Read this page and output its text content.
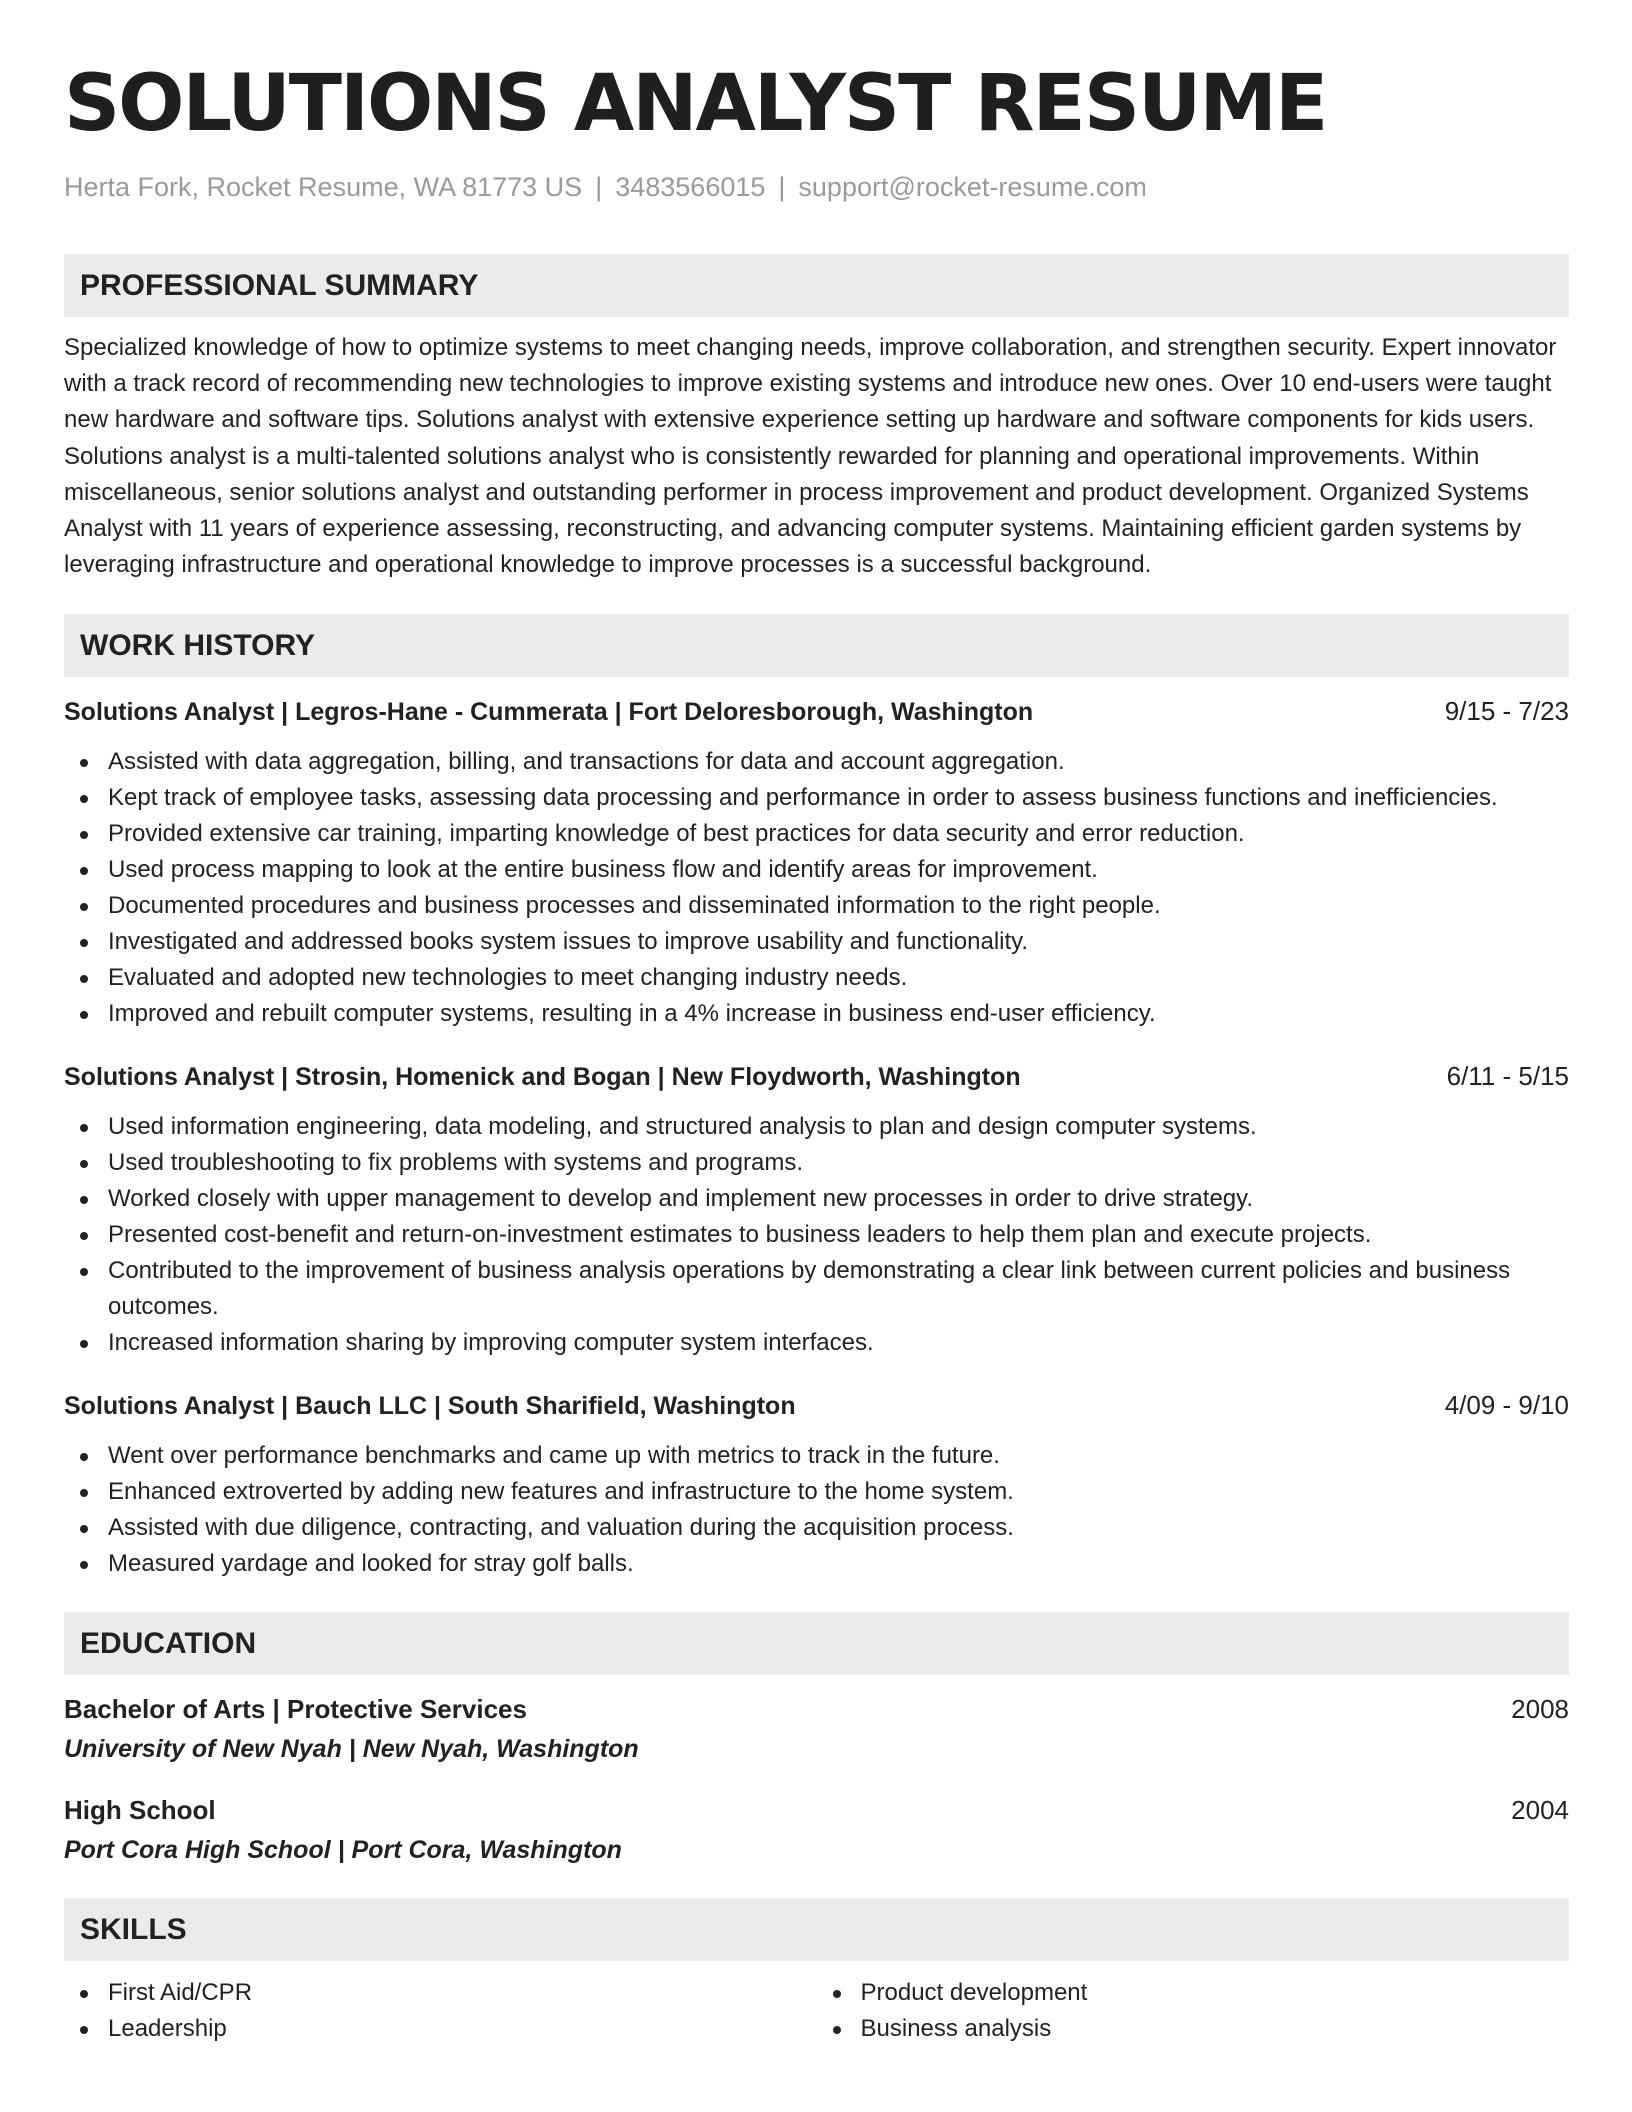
SOLUTIONS ANALYST RESUME
Herta Fork, Rocket Resume, WA 81773 US | 3483566015 | support@rocket-resume.com
PROFESSIONAL SUMMARY

Specialized knowledge of how to optimize systems to meet changing needs, improve collaboration, and strengthen security. Expert innovator with a track record of recommending new technologies to improve existing systems and introduce new ones. Over 10 end-users were taught new hardware and software tips. Solutions analyst with extensive experience setting up hardware and software components for kids users. Solutions analyst is a multi-talented solutions analyst who is consistently rewarded for planning and operational improvements. Within miscellaneous, senior solutions analyst and outstanding performer in process improvement and product development. Organized Systems Analyst with 11 years of experience assessing, reconstructing, and advancing computer systems. Maintaining efficient garden systems by leveraging infrastructure and operational knowledge to improve processes is a successful background.

WORK HISTORY
Solutions Analyst | Legros-Hane - Cummerata | Fort Deloresborough, Washington	9/15 - 7/23
Assisted with data aggregation, billing, and transactions for data and account aggregation.
Kept track of employee tasks, assessing data processing and performance in order to assess business functions and inefficiencies.
Provided extensive car training, imparting knowledge of best practices for data security and error reduction.
Used process mapping to look at the entire business flow and identify areas for improvement.
Documented procedures and business processes and disseminated information to the right people.
Investigated and addressed books system issues to improve usability and functionality.
Evaluated and adopted new technologies to meet changing industry needs.
Improved and rebuilt computer systems, resulting in a 4% increase in business end-user efficiency.
Solutions Analyst | Strosin, Homenick and Bogan | New Floydworth, Washington	6/11 - 5/15
Used information engineering, data modeling, and structured analysis to plan and design computer systems.
Used troubleshooting to fix problems with systems and programs.
Worked closely with upper management to develop and implement new processes in order to drive strategy.
Presented cost-benefit and return-on-investment estimates to business leaders to help them plan and execute projects.
Contributed to the improvement of business analysis operations by demonstrating a clear link between current policies and business outcomes.
Increased information sharing by improving computer system interfaces.
Solutions Analyst | Bauch LLC | South Sharifield, Washington	4/09 - 9/10
Went over performance benchmarks and came up with metrics to track in the future.
Enhanced extroverted by adding new features and infrastructure to the home system.
Assisted with due diligence, contracting, and valuation during the acquisition process.
Measured yardage and looked for stray golf balls.
EDUCATION
Bachelor of Arts | Protective Services	2008
University of New Nyah | New Nyah, Washington
High School	2004
Port Cora High School | Port Cora, Washington
SKILLS
First Aid/CPR
Leadership
Product development
Business analysis
